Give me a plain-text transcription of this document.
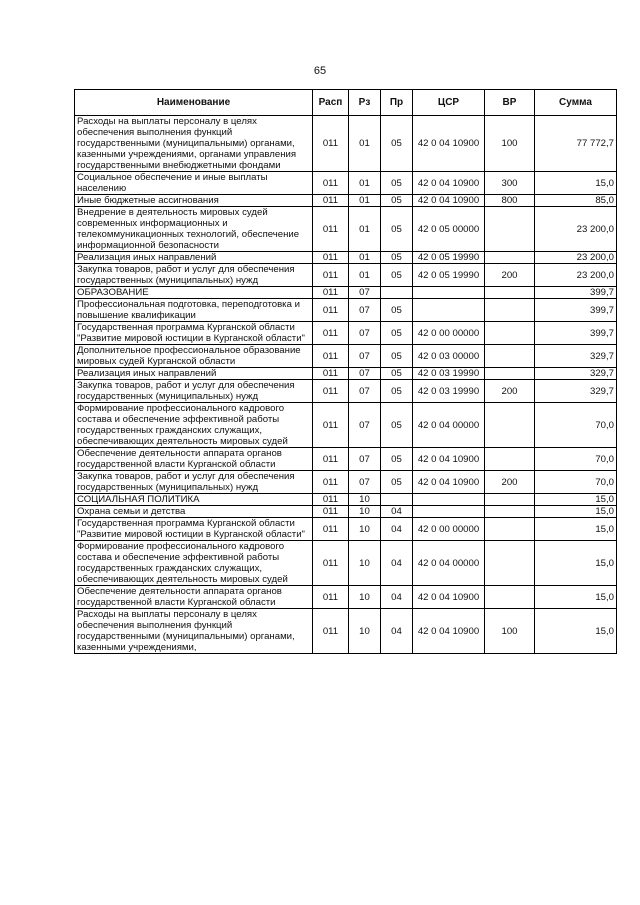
65
Наименование	Расп	Рз	Пр	ЦСР	ВР	Сумма
Расходы на выплаты персоналу в целях обеспечения выполнения функций государственными (муниципальными) органами, казенными учреждениями, органами управления государственными внебюджетными фондами	011	01	05	42 0 04 10900	100	77 772,7
Социальное обеспечение и иные выплаты населению	011	01	05	42 0 04 10900	300	15,0
Иные бюджетные ассигнования	011	01	05	42 0 04 10900	800	85,0
Внедрение в деятельность мировых судей современных информационных и телекоммуникационных технологий, обеспечение информационной безопасности	011	01	05	42 0 05 00000		23 200,0
Реализация иных направлений	011	01	05	42 0 05 19990		23 200,0
Закупка товаров, работ и услуг для обеспечения государственных (муниципальных) нужд	011	01	05	42 0 05 19990	200	23 200,0
ОБРАЗОВАНИЕ	011	07				399,7
Профессиональная подготовка, переподготовка и повышение квалификации	011	07	05			399,7
Государственная программа Курганской области "Развитие мировой юстиции в Курганской области"	011	07	05	42 0 00 00000		399,7
Дополнительное профессиональное образование мировых судей Курганской области	011	07	05	42 0 03 00000		329,7
Реализация иных направлений	011	07	05	42 0 03 19990		329,7
Закупка товаров, работ и услуг для обеспечения государственных (муниципальных) нужд	011	07	05	42 0 03 19990	200	329,7
Формирование профессионального кадрового состава и обеспечение эффективной работы государственных гражданских служащих, обеспечивающих деятельность мировых судей	011	07	05	42 0 04 00000		70,0
Обеспечение деятельности аппарата органов государственной власти Курганской области	011	07	05	42 0 04 10900		70,0
Закупка товаров, работ и услуг для обеспечения государственных (муниципальных) нужд	011	07	05	42 0 04 10900	200	70,0
СОЦИАЛЬНАЯ ПОЛИТИКА	011	10				15,0
Охрана семьи и детства	011	10	04			15,0
Государственная программа Курганской области "Развитие мировой юстиции в Курганской области"	011	10	04	42 0 00 00000		15,0
Формирование профессионального кадрового состава и обеспечение эффективной работы государственных гражданских служащих, обеспечивающих деятельность мировых судей	011	10	04	42 0 04 00000		15,0
Обеспечение деятельности аппарата органов государственной власти Курганской области	011	10	04	42 0 04 10900		15,0
Расходы на выплаты персоналу в целях обеспечения выполнения функций государственными (муниципальными) органами, казенными учреждениями,	011	10	04	42 0 04 10900	100	15,0
